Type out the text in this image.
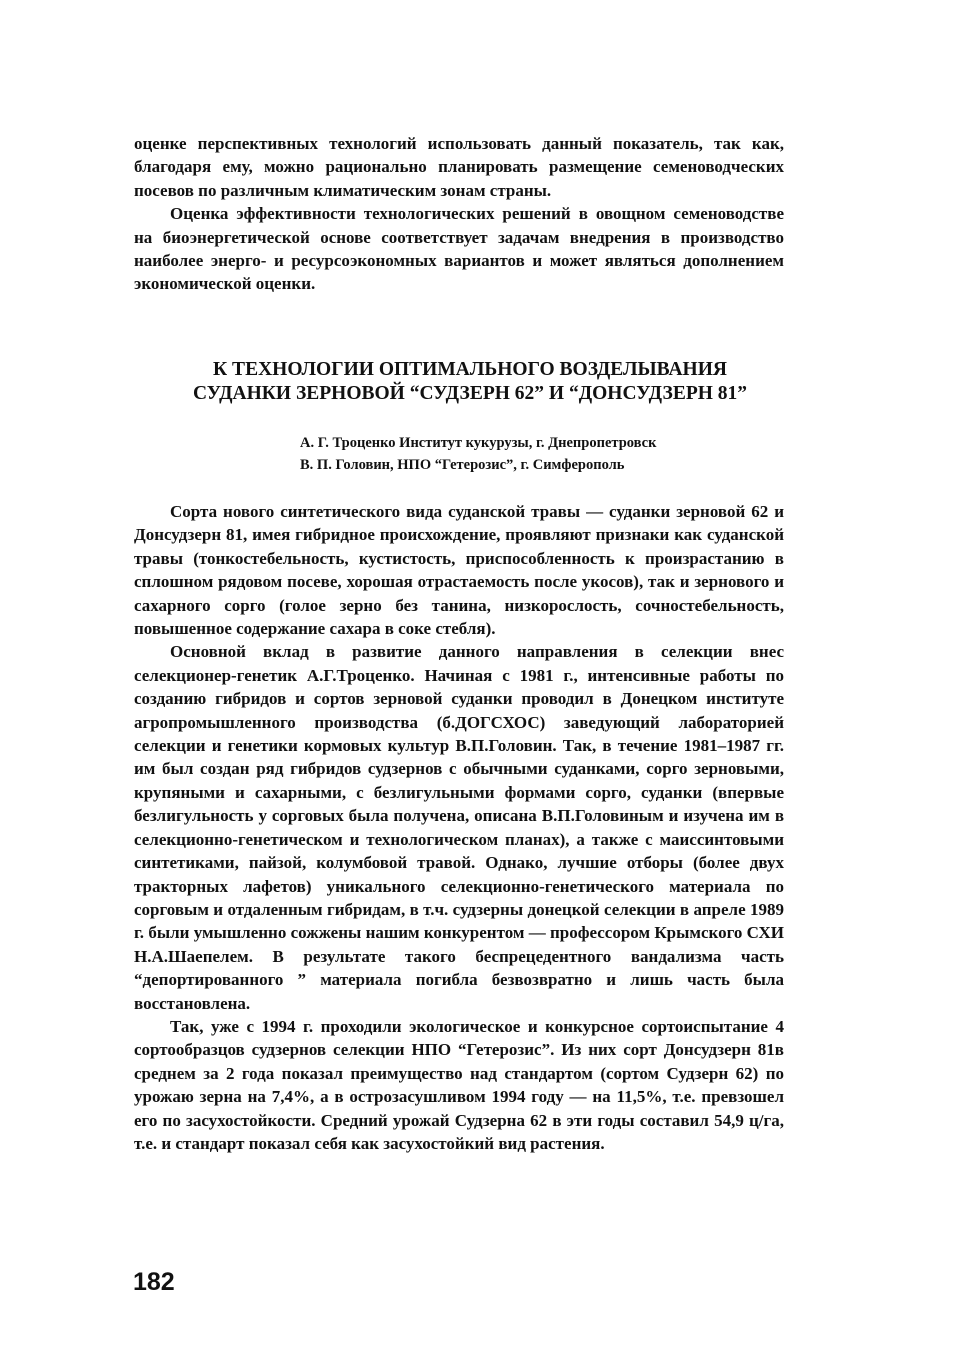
оценке перспективных технологий использовать данный показатель, так как, благодаря ему, можно рационально планировать размещение семеноводческих посевов по различным климатическим зонам страны.

Оценка эффективности технологических решений в овощном семеноводстве на биоэнергетической основе соответствует задачам внедрения в производство наиболее энерго- и ресурсоэкономных вариантов и может являться дополнением экономической оценки.

К ТЕХНОЛОГИИ ОПТИМАЛЬНОГО ВОЗДЕЛЫВАНИЯ
СУДАНКИ ЗЕРНОВОЙ “СУДЗЕРН 62” И “ДОНСУДЗЕРН 81”
А. Г. Троценко Институт кукурузы, г. Днепропетровск
В. П. Головин, НПО “Гетерозис”, г. Симферополь

Сорта нового синтетического вида суданской травы — суданки зерновой 62 и Донсудзерн 81, имея гибридное происхождение, проявляют признаки как суданской травы (тонкостебельность, кустистость, приспособленность к произрастанию в сплошном рядовом посеве, хорошая отрастаемость после укосов), так и зернового и сахарного сорго (голое зерно без танина, низкорослость, сочностебельность, повышенное содержание сахара в соке стебля).

Основной вклад в развитие данного направления в селекции внес селекционер-генетик А.Г.Троценко. Начиная с 1981 г., интенсивные работы по созданию гибридов и сортов зерновой суданки проводил в Донецком институте агропромышленного производства (б.ДОГСХОС) заведующий лабораторией селекции и генетики кормовых культур В.П.Головин. Так, в течение 1981–1987 гг. им был создан ряд гибридов судзернов с обычными суданками, сорго зерновыми, крупяными и сахарными, с безлигульными формами сорго, суданки (впервые безлигульность у сорговых была получена, описана В.П.Головиным и изучена им в селекционно-генетическом и технологическом планах), а также с маиссинтовыми синтетиками, пайзой, колумбовой травой. Однако, лучшие отборы (более двух тракторных лафетов) уникального селекционно-генетического материала по сорговым и отдаленным гибридам, в т.ч. судзерны донецкой селекции в апреле 1989 г. были умышленно сожжены нашим конкурентом — профессором Крымского СХИ Н.А.Шаепелем. В результате такого беспрецедентного вандализма часть “депортированного ” материала погибла безвозвратно и лишь часть была восстановлена.

Так, уже с 1994 г. проходили экологическое и конкурсное сортоиспытание 4 сортообразцов судзернов селекции НПО “Гетерозис”. Из них сорт Донсудзерн 81в среднем за 2 года показал преимущество над стандартом (сортом Судзерн 62) по урожаю зерна на 7,4%, а в острозасушливом 1994 году — на 11,5%, т.е. превзошел его по засухостойкости. Средний урожай Судзерна 62 в эти годы составил 54,9 ц/га, т.е. и стандарт показал себя как засухостойкий вид растения.

182
